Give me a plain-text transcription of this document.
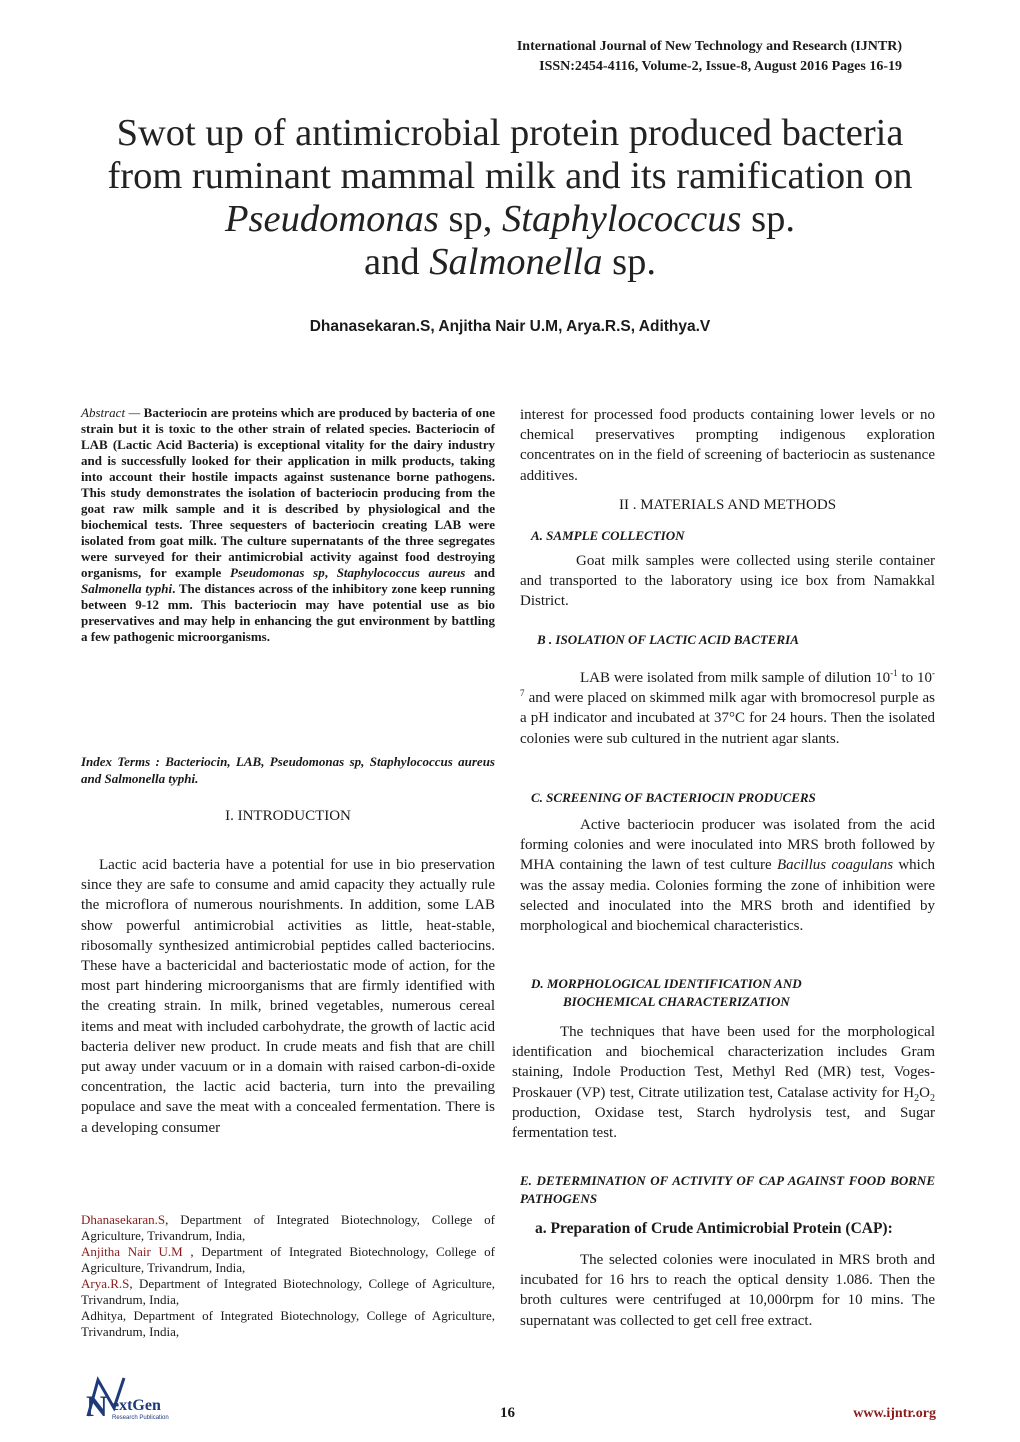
International Journal of New Technology and Research (IJNTR)
ISSN:2454-4116, Volume-2, Issue-8, August 2016 Pages 16-19
Swot up of antimicrobial protein produced bacteria
from ruminant mammal milk and its ramification on
Pseudomonas sp, Staphylococcus sp.
and Salmonella sp.
Dhanasekaran.S, Anjitha Nair U.M, Arya.R.S, Adithya.V
Abstract — Bacteriocin are proteins which are produced by bacteria of one strain but it is toxic to the other strain of related species. Bacteriocin of LAB (Lactic Acid Bacteria) is exceptional vitality for the dairy industry and is successfully looked for their application in milk products, taking into account their hostile impacts against sustenance borne pathogens. This study demonstrates the isolation of bacteriocin producing from the goat raw milk sample and it is described by physiological and the biochemical tests. Three sequesters of bacteriocin creating LAB were isolated from goat milk. The culture supernatants of the three segregates were surveyed for their antimicrobial activity against food destroying organisms, for example Pseudomonas sp, Staphylococcus aureus and Salmonella typhi. The distances across of the inhibitory zone keep running between 9-12 mm. This bacteriocin may have potential use as bio preservatives and may help in enhancing the gut environment by battling a few pathogenic microorganisms.
Index Terms : Bacteriocin, LAB, Pseudomonas sp, Staphylococcus aureus and Salmonella typhi.
I. INTRODUCTION
Lactic acid bacteria have a potential for use in bio preservation since they are safe to consume and amid capacity they actually rule the microflora of numerous nourishments. In addition, some LAB show powerful antimicrobial activities as little, heat-stable, ribosomally synthesized antimicrobial peptides called bacteriocins. These have a bactericidal and bacteriostatic mode of action, for the most part hindering microorganisms that are firmly identified with the creating strain. In milk, brined vegetables, numerous cereal items and meat with included carbohydrate, the growth of lactic acid bacteria deliver new product. In crude meats and fish that are chill put away under vacuum or in a domain with raised carbon-di-oxide concentration, the lactic acid bacteria, turn into the prevailing populace and save the meat with a concealed fermentation. There is a developing consumer

Dhanasekaran.S, Department of Integrated Biotechnology, College of Agriculture, Trivandrum, India,

Anjitha Nair U.M , Department of Integrated Biotechnology, College of Agriculture, Trivandrum, India,

Arya.R.S, Department of Integrated Biotechnology, College of Agriculture, Trivandrum, India,

Adhitya, Department of Integrated Biotechnology, College of Agriculture, Trivandrum, India,

interest for processed food products containing lower levels or no chemical preservatives prompting indigenous exploration concentrates on in the field of screening of bacteriocin as sustenance additives.
II . MATERIALS AND METHODS
A. SAMPLE COLLECTION
Goat milk samples were collected using sterile container and transported to the laboratory using ice box from Namakkal District.
B . ISOLATION OF LACTIC ACID BACTERIA
LAB were isolated from milk sample of dilution $10^{-1}$ to $10^{-7}$ and were placed on skimmed milk agar with bromocresol purple as a pH indicator and incubated at 37°C for 24 hours. Then the isolated colonies were sub cultured in the nutrient agar slants.
C. SCREENING OF BACTERIOCIN PRODUCERS
Active bacteriocin producer was isolated from the acid forming colonies and were inoculated into MRS broth followed by MHA containing the lawn of test culture Bacillus coagulans which was the assay media. Colonies forming the zone of inhibition were selected and inoculated into the MRS broth and identified by morphological and biochemical characteristics.
D. MORPHOLOGICAL IDENTIFICATION AND
BIOCHEMICAL CHARACTERIZATION
The techniques that have been used for the morphological identification and biochemical characterization includes Gram staining, Indole Production Test, Methyl Red (MR) test, Voges-Proskauer (VP) test, Citrate utilization test, Catalase activity for $H_2O_2$ production, Oxidase test, Starch hydrolysis test, and Sugar fermentation test.
E. DETERMINATION OF ACTIVITY OF CAP AGAINST FOOD BORNE PATHOGENS
a. Preparation of Crude Antimicrobial Protein (CAP):
The selected colonies were inoculated in MRS broth and incubated for 16 hrs to reach the optical density 1.086. Then the broth cultures were centrifuged at 10,000rpm for 10 mins. The supernatant was collected to get cell free extract.
N extGen
Research Publication	16	www.ijntr.org
